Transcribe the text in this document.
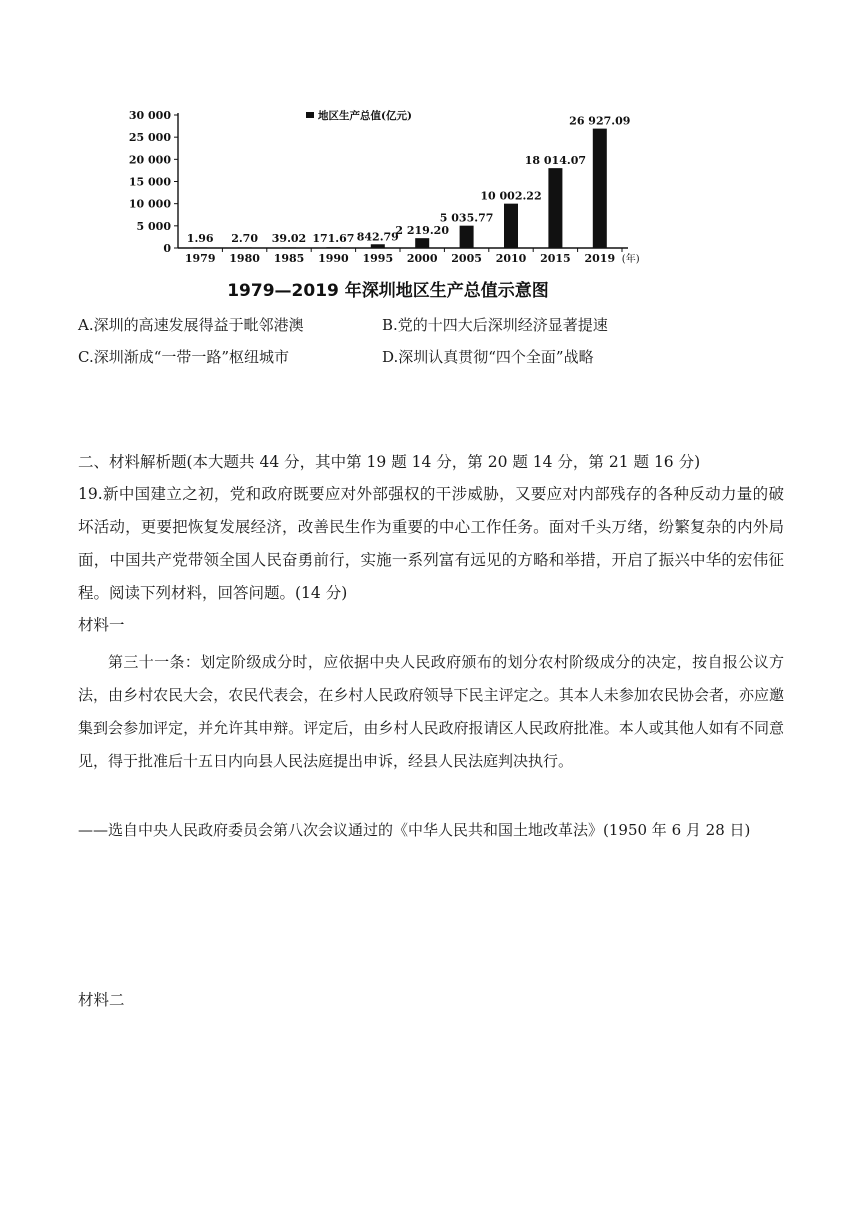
0
5 000
10 000
15 000
20 000
25 000
30 000
1.96 2.70 39.02 171.67 842.79
2 219.20
5 035.77
10 002.22
18 014.07
26 927.09
1979 1980 1985 1990 1995 2000 2005 2010 2015 2019
地区生产总值(亿元)
(年)
1979—2019 年深圳地区生产总值示意图
A.深圳的高速发展得益于毗邻港澳	B.党的十四大后深圳经济显著提速
C.深圳渐成“一带一路”枢纽城市	D.深圳认真贯彻“四个全面”战略
二、材料解析题(本大题共 44 分，其中第 19 题 14 分，第 20 题 14 分，第 21 题 16 分)
19.新中国建立之初，党和政府既要应对外部强权的干涉威胁，又要应对内部残存的各种反动力量的破坏活动，更要把恢复发展经济，改善民生作为重要的中心工作任务。面对千头万绪，纷繁复杂的内外局面，中国共产党带领全国人民奋勇前行，实施一系列富有远见的方略和举措，开启了振兴中华的宏伟征程。阅读下列材料，回答问题。(14 分)
材料一
第三十一条：划定阶级成分时，应依据中央人民政府颁布的划分农村阶级成分的决定，按自报公议方法，由乡村农民大会，农民代表会，在乡村人民政府领导下民主评定之。其本人未参加农民协会者，亦应邀集到会参加评定，并允许其申辩。评定后，由乡村人民政府报请区人民政府批准。本人或其他人如有不同意见，得于批准后十五日内向县人民法庭提出申诉，经县人民法庭判决执行。
——选自中央人民政府委员会第八次会议通过的《中华人民共和国土地改革法》(1950 年 6 月 28 日)
材料二
